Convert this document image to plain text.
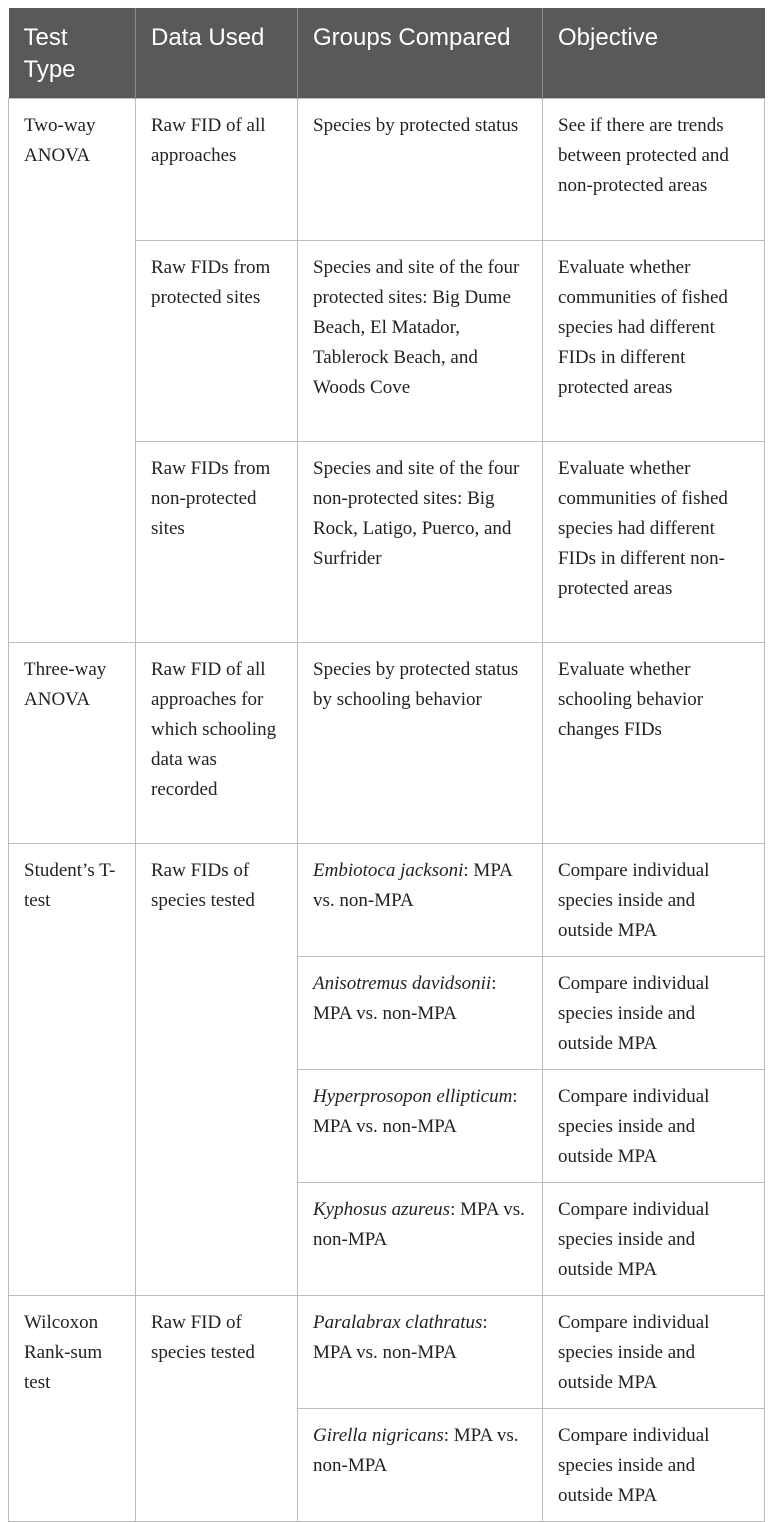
Test Type	Data Used	Groups Compared	Objective
Two-way ANOVA	Raw FID of all approaches	Species by protected status	See if there are trends between protected and non-protected areas
	Raw FIDs from protected sites	Species and site of the four protected sites: Big Dume Beach, El Matador, Tablerock Beach, and Woods Cove	Evaluate whether communities of fished species had different FIDs in different protected areas
	Raw FIDs from non-protected sites	Species and site of the four non-protected sites: Big Rock, Latigo, Puerco, and Surfrider	Evaluate whether communities of fished species had different FIDs in different non-protected areas
Three-way ANOVA	Raw FID of all approaches for which schooling data was recorded	Species by protected status by schooling behavior	Evaluate whether schooling behavior changes FIDs
Student’s T-test	Raw FIDs of species tested	Embiotoca jacksoni: MPA vs. non-MPA	Compare individual species inside and outside MPA
		Anisotremus davidsonii: MPA vs. non-MPA	Compare individual species inside and outside MPA
		Hyperprosopon ellipticum: MPA vs. non-MPA	Compare individual species inside and outside MPA
		Kyphosus azureus: MPA vs. non-MPA	Compare individual species inside and outside MPA
Wilcoxon Rank-sum test	Raw FID of species tested	Paralabrax clathratus: MPA vs. non-MPA	Compare individual species inside and outside MPA
		Girella nigricans: MPA vs. non-MPA	Compare individual species inside and outside MPA
